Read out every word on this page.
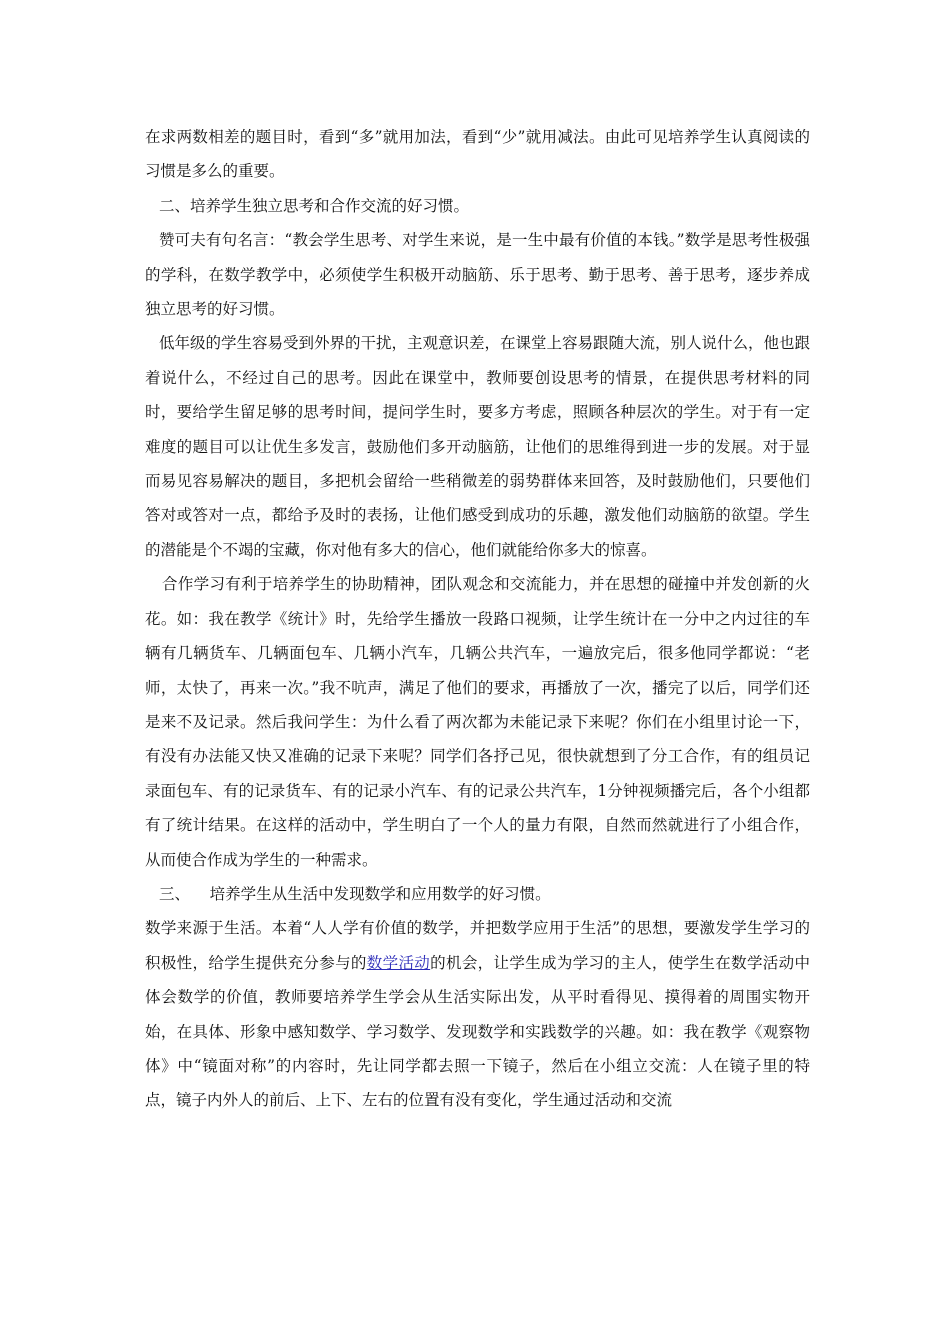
在求两数相差的题目时，看到“多”就用加法，看到“少”就用减法。由此可见培养学生认真阅读的习惯是多么的重要。

二、培养学生独立思考和合作交流的好习惯。

赞可夫有句名言：“教会学生思考、对学生来说，是一生中最有价值的本钱。”数学是思考性极强的学科，在数学教学中，必须使学生积极开动脑筋、乐于思考、勤于思考、善于思考，逐步养成独立思考的好习惯。

低年级的学生容易受到外界的干扰，主观意识差，在课堂上容易跟随大流，别人说什么，他也跟着说什么，不经过自己的思考。因此在课堂中，教师要创设思考的情景，在提供思考材料的同时，要给学生留足够的思考时间，提问学生时，要多方考虑，照顾各种层次的学生。对于有一定难度的题目可以让优生多发言，鼓励他们多开动脑筋，让他们的思维得到进一步的发展。对于显而易见容易解决的题目，多把机会留给一些稍微差的弱势群体来回答，及时鼓励他们，只要他们答对或答对一点，都给予及时的表扬，让他们感受到成功的乐趣，激发他们动脑筋的欲望。学生的潜能是个不竭的宝藏，你对他有多大的信心，他们就能给你多大的惊喜。

合作学习有利于培养学生的协助精神，团队观念和交流能力，并在思想的碰撞中并发创新的火花。如：我在教学《统计》时，先给学生播放一段路口视频，让学生统计在一分中之内过往的车辆有几辆货车、几辆面包车、几辆小汽车，几辆公共汽车，一遍放完后，很多他同学都说：“老师，太快了，再来一次。”我不吭声，满足了他们的要求，再播放了一次，播完了以后，同学们还是来不及记录。然后我问学生：为什么看了两次都为未能记录下来呢？你们在小组里讨论一下，有没有办法能又快又准确的记录下来呢？同学们各抒己见，很快就想到了分工合作，有的组员记录面包车、有的记录货车、有的记录小汽车、有的记录公共汽车，1分钟视频播完后，各个小组都有了统计结果。在这样的活动中，学生明白了一个人的量力有限，自然而然就进行了小组合作，从而使合作成为学生的一种需求。

三、    培养学生从生活中发现数学和应用数学的好习惯。

数学来源于生活。本着“人人学有价值的数学，并把数学应用于生活”的思想，要激发学生学习的积极性，给学生提供充分参与的数学活动的机会，让学生成为学习的主人，使学生在数学活动中体会数学的价值，教师要培养学生学会从生活实际出发，从平时看得见、摸得着的周围实物开始，在具体、形象中感知数学、学习数学、发现数学和实践数学的兴趣。如：我在教学《观察物体》中“镜面对称”的内容时，先让同学都去照一下镜子，然后在小组立交流：人在镜子里的特点，镜子内外人的前后、上下、左右的位置有没有变化，学生通过活动和交流
